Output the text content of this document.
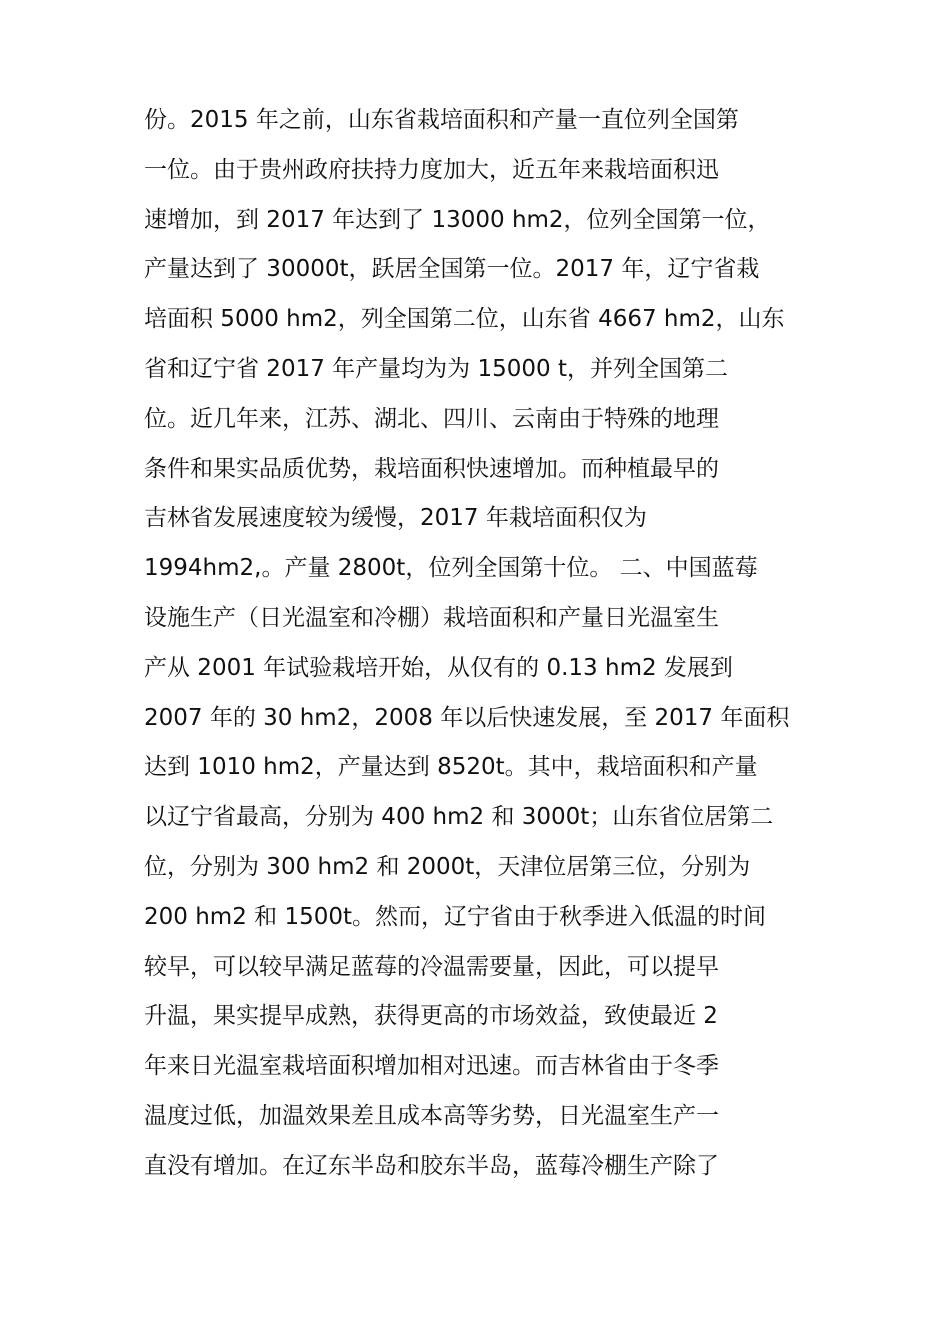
份。2015 年之前，山东省栽培面积和产量一直位列全国第
一位。由于贵州政府扶持力度加大，近五年来栽培面积迅
速增加，到 2017 年达到了 13000 hm2，位列全国第一位，
产量达到了 30000t，跃居全国第一位。2017 年，辽宁省栽
培面积 5000 hm2，列全国第二位，山东省 4667 hm2，山东
省和辽宁省 2017 年产量均为为 15000 t，并列全国第二
位。近几年来，江苏、湖北、四川、云南由于特殊的地理
条件和果实品质优势，栽培面积快速增加。而种植最早的
吉林省发展速度较为缓慢，2017 年栽培面积仅为
1994hm2,。产量 2800t，位列全国第十位。 二、中国蓝莓
设施生产（日光温室和冷棚）栽培面积和产量日光温室生
产从 2001 年试验栽培开始，从仅有的 0.13 hm2 发展到
2007 年的 30 hm2，2008 年以后快速发展，至 2017 年面积
达到 1010 hm2，产量达到 8520t。其中，栽培面积和产量
以辽宁省最高，分别为 400 hm2 和 3000t；山东省位居第二
位，分别为 300 hm2 和 2000t，天津位居第三位，分别为
200 hm2 和 1500t。然而，辽宁省由于秋季进入低温的时间
较早，可以较早满足蓝莓的冷温需要量，因此，可以提早
升温，果实提早成熟，获得更高的市场效益，致使最近 2
年来日光温室栽培面积增加相对迅速。而吉林省由于冬季
温度过低，加温效果差且成本高等劣势，日光温室生产一
直没有增加。在辽东半岛和胶东半岛，蓝莓冷棚生产除了
